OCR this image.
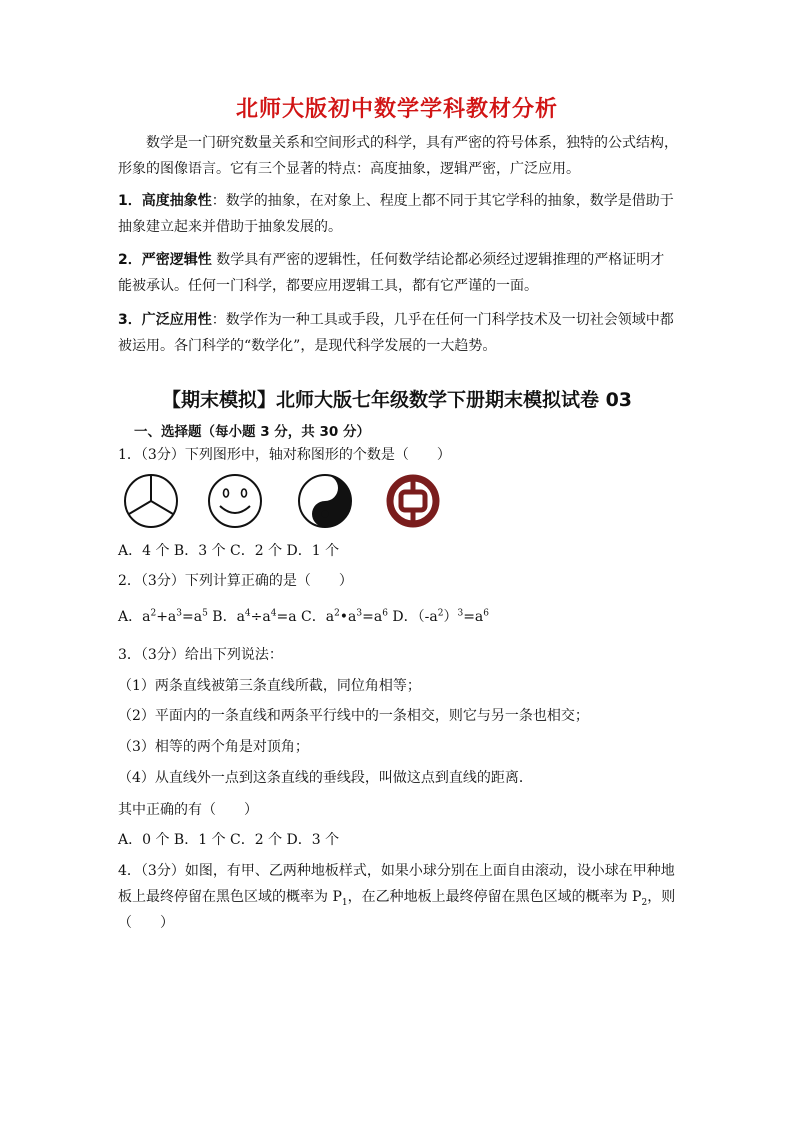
北师大版初中数学学科教材分析
数学是一门研究数量关系和空间形式的科学，具有严密的符号体系，独特的公式结构，形象的图像语言。它有三个显著的特点：高度抽象，逻辑严密，广泛应用。
1．高度抽象性：数学的抽象，在对象上、程度上都不同于其它学科的抽象，数学是借助于抽象建立起来并借助于抽象发展的。
2．严密逻辑性 数学具有严密的逻辑性，任何数学结论都必须经过逻辑推理的严格证明才能被承认。任何一门科学，都要应用逻辑工具，都有它严谨的一面。
3．广泛应用性：数学作为一种工具或手段，几乎在任何一门科学技术及一切社会领域中都被运用。各门科学的“数学化”，是现代科学发展的一大趋势。
【期末模拟】北师大版七年级数学下册期末模拟试卷 03
一、选择题（每小题 3 分，共 30 分）
1．（3分）下列图形中，轴对称图形的个数是（　　）
A．4 个 B．3 个 C．2 个 D．1 个
2．（3分）下列计算正确的是（　　）
A．$a^2+a^3=a^5$ B．$a^4\div a^4=a$ C．$a^2•a^3=a^6$ D．$(-a^2)^3=a^6$
3．（3分）给出下列说法：
（1）两条直线被第三条直线所截，同位角相等；
（2）平面内的一条直线和两条平行线中的一条相交，则它与另一条也相交；
（3）相等的两个角是对顶角；
（4）从直线外一点到这条直线的垂线段，叫做这点到直线的距离．
其中正确的有（　　）
A．0 个 B．1 个 C．2 个 D．3 个
4．（3分）如图，有甲、乙两种地板样式，如果小球分别在上面自由滚动，设小球在甲种地板上最终停留在黑色区域的概率为 $P_1$，在乙种地板上最终停留在黑色区域的概率为 $P_2$，则（　　）
